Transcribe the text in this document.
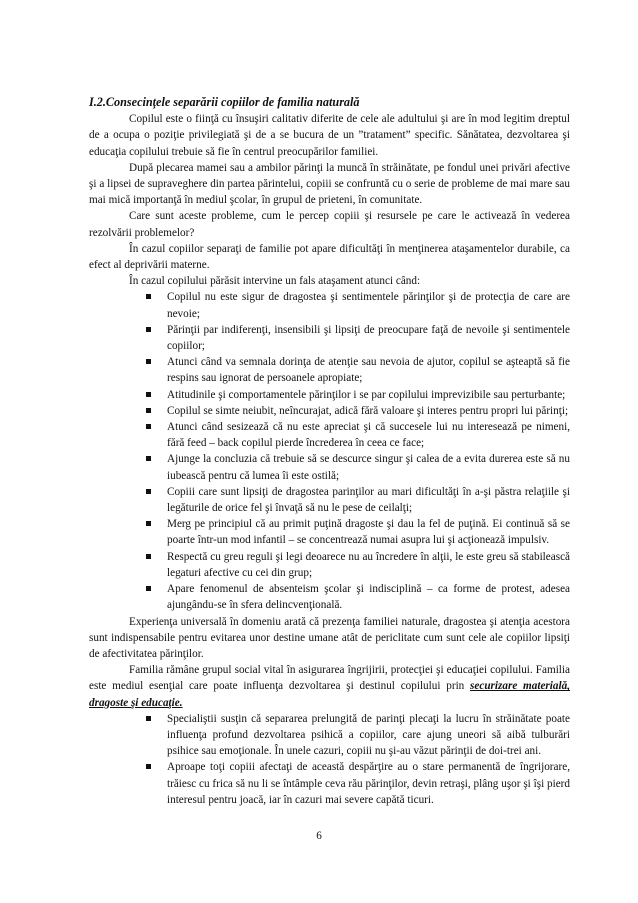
I.2.Consecinţele separării copiilor de familia naturală

Copilul este o fiinţă cu însuşiri calitativ diferite de cele ale adultului şi are în mod legitim dreptul de a ocupa o poziţie privilegiată şi de a se bucura de un ”tratament” specific. Sănătatea, dezvoltarea şi educaţia copilului trebuie să fie în centrul preocupărilor familiei.

După plecarea mamei sau a ambilor părinţi la muncă în străinătate, pe fondul unei privări afective şi a lipsei de supraveghere din partea părintelui, copiii se confruntă cu o serie de probleme de mai mare sau mai mică importanţă în mediul şcolar, în grupul de prieteni, în comunitate.

Care sunt aceste probleme, cum le percep copiii şi resursele pe care le activează în vederea rezolvării problemelor?

În cazul copiilor separaţi de familie pot apare dificultăţi în menţinerea ataşamentelor durabile, ca efect al deprivării materne.

În cazul copilului părăsit intervine un fals ataşament atunci când:

Copilul nu este sigur de dragostea şi sentimentele părinţilor şi de protecţia de care are nevoie;
Părinţii par indiferenţi, insensibili şi lipsiţi de preocupare faţă de nevoile şi sentimentele copiilor;
Atunci când va semnala dorinţa de atenţie sau nevoia de ajutor, copilul se aşteaptă să fie respins sau ignorat de persoanele apropiate;
Atitudinile şi comportamentele părinţilor i se par copilului imprevizibile sau perturbante;
Copilul se simte neiubit, neîncurajat, adică fără valoare şi interes pentru propri lui părinţi;
Atunci când sesizează că nu este apreciat şi că succesele lui nu interesează pe nimeni, fără feed – back copilul pierde încrederea în ceea ce face;
Ajunge la concluzia că trebuie să se descurce singur şi calea de a evita durerea este să nu iubească pentru că lumea îi este ostilă;
Copiii care sunt lipsiţi de dragostea parinţilor au mari dificultăţi în a-şi păstra relaţiile şi legăturile de orice fel şi învaţă să nu le pese de ceilalţi;
Merg pe principiul că au primit puţină dragoste şi dau la fel de puţină. Ei continuă să se poarte într-un mod infantil – se concentrează numai asupra lui şi acţionează impulsiv.
Respectă cu greu reguli şi legi deoarece nu au încredere în alţii, le este greu să stabilească legaturi afective cu cei din grup;
Apare fenomenul de absenteism şcolar şi indisciplină – ca forme de protest, adesea ajungându-se în sfera delincvenţională.

Experienţa universală în domeniu arată că prezenţa familiei naturale, dragostea şi atenţia acestora sunt indispensabile pentru evitarea unor destine umane atât de periclitate cum sunt cele ale copiilor lipsiţi de afectivitatea părinţilor.

Familia rămâne grupul social vital în asigurarea îngrijirii, protecţiei şi educaţiei copilului. Familia este mediul esenţial care poate influenţa dezvoltarea şi destinul copilului prin securizare materială, dragoste şi educaţie.

Specialiştii susţin că separarea prelungită de parinţi plecaţi la lucru în străinătate poate influenţa profund dezvoltarea psihică a copiilor, care ajung uneori să aibă tulburări psihice sau emoţionale. În unele cazuri, copiii nu şi-au văzut părinţii de doi-trei ani.
Aproape toţi copiii afectaţi de această despărţire au o stare permanentă de îngrijorare, trăiesc cu frica să nu li se întâmple ceva rău părinţilor, devin retraşi, plâng uşor şi îşi pierd interesul pentru joacă, iar în cazuri mai severe capătă ticuri.
6
